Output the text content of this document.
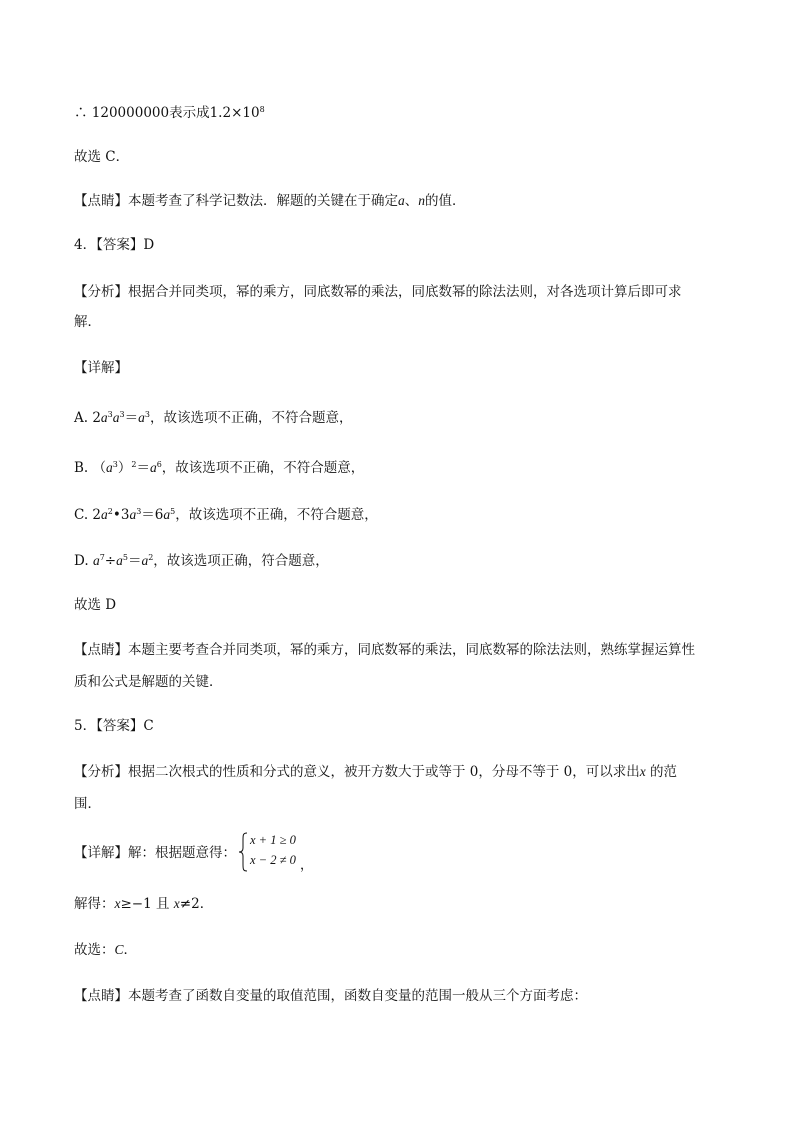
∴ 120000000表示成$1.2\times 10^8$
故选 C．
【点睛】本题考查了科学记数法．解题的关键在于确定a、n的值．
4．【答案】D
【分析】根据合并同类项，幂的乘方，同底数幂的乘法，同底数幂的除法法则，对各选项计算后即可求
解．
【详解】
A. $2a^3a^3=a^3$，故该选项不正确，不符合题意，
B. $(a^3)^2=a^6$，故该选项不正确，不符合题意，
C. $2a^2•3a^3=6a^5$，故该选项不正确，不符合题意，
D. $a^7\div a^5=a^2$，故该选项正确，符合题意，
故选 D
【点睛】本题主要考查合并同类项，幂的乘方，同底数幂的乘法，同底数幂的除法法则，熟练掌握运算性
质和公式是解题的关键．
5．【答案】C
【分析】根据二次根式的性质和分式的意义，被开方数大于或等于 0，分母不等于 0，可以求出x 的范
围．
【详解】解：根据题意得：
x + 1 ≥ 0
x − 2 ≠ 0 ，
解得：x≥−1 且 x≠2．
故选：C．
【点睛】本题考查了函数自变量的取值范围，函数自变量的范围一般从三个方面考虑：
